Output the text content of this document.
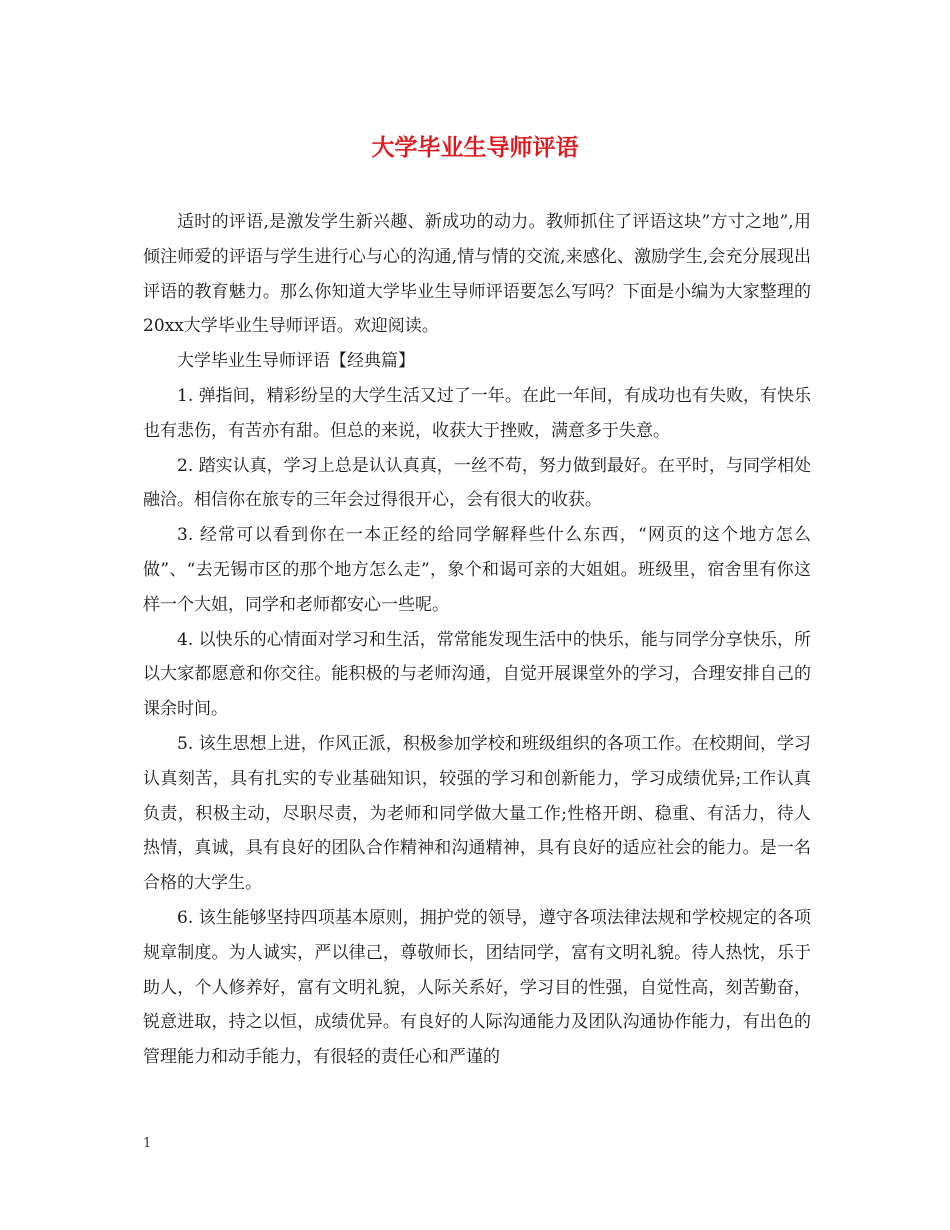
大学毕业生导师评语

适时的评语,是激发学生新兴趣、新成功的动力。教师抓住了评语这块”方寸之地”,用倾注师爱的评语与学生进行心与心的沟通,情与情的交流,来感化、激励学生,会充分展现出评语的教育魅力。那么你知道大学毕业生导师评语要怎么写吗？下面是小编为大家整理的20xx大学毕业生导师评语。欢迎阅读。

大学毕业生导师评语【经典篇】

1. 弹指间，精彩纷呈的大学生活又过了一年。在此一年间，有成功也有失败，有快乐也有悲伤，有苦亦有甜。但总的来说，收获大于挫败，满意多于失意。

2. 踏实认真，学习上总是认认真真，一丝不苟，努力做到最好。在平时，与同学相处融洽。相信你在旅专的三年会过得很开心，会有很大的收获。

3. 经常可以看到你在一本正经的给同学解释些什么东西，“网页的这个地方怎么做”、“去无锡市区的那个地方怎么走”，象个和谒可亲的大姐姐。班级里，宿舍里有你这样一个大姐，同学和老师都安心一些呢。

4. 以快乐的心情面对学习和生活，常常能发现生活中的快乐，能与同学分享快乐，所以大家都愿意和你交往。能积极的与老师沟通，自觉开展课堂外的学习，合理安排自己的课余时间。

5. 该生思想上进，作风正派，积极参加学校和班级组织的各项工作。在校期间，学习认真刻苦，具有扎实的专业基础知识，较强的学习和创新能力，学习成绩优异;工作认真负责，积极主动，尽职尽责，为老师和同学做大量工作;性格开朗、稳重、有活力，待人热情，真诚，具有良好的团队合作精神和沟通精神，具有良好的适应社会的能力。是一名合格的大学生。

6. 该生能够坚持四项基本原则，拥护党的领导，遵守各项法律法规和学校规定的各项规章制度。为人诚实，严以律己，尊敬师长，团结同学，富有文明礼貌。待人热忱，乐于助人，个人修养好，富有文明礼貌，人际关系好，学习目的性强，自觉性高，刻苦勤奋，锐意进取，持之以恒，成绩优异。有良好的人际沟通能力及团队沟通协作能力，有出色的管理能力和动手能力，有很轻的责任心和严谨的

1
